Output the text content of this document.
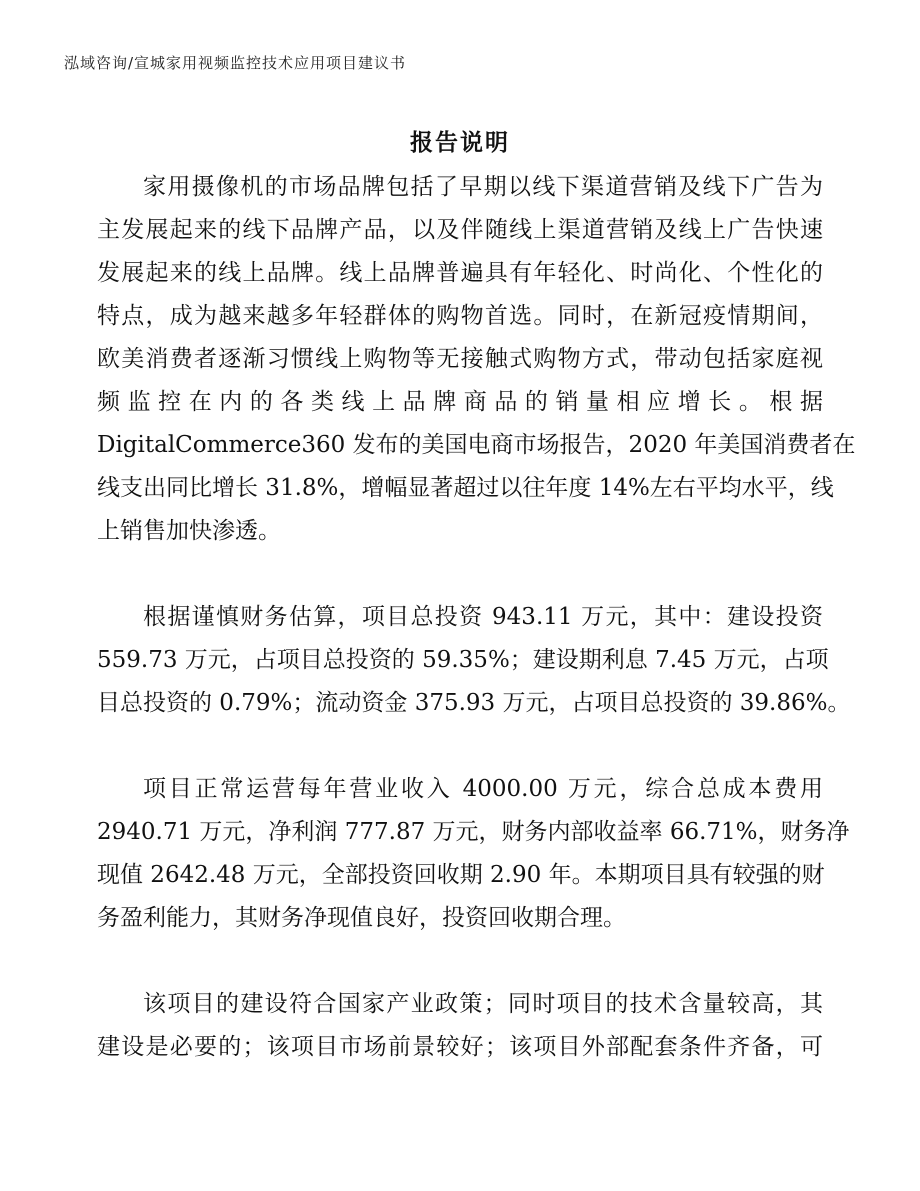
泓域咨询/宣城家用视频监控技术应用项目建议书
报告说明
家用摄像机的市场品牌包括了早期以线下渠道营销及线下广告为
主发展起来的线下品牌产品，以及伴随线上渠道营销及线上广告快速
发展起来的线上品牌。线上品牌普遍具有年轻化、时尚化、个性化的
特点，成为越来越多年轻群体的购物首选。同时，在新冠疫情期间，
欧美消费者逐渐习惯线上购物等无接触式购物方式，带动包括家庭视
频监控在内的各类线上品牌商品的销量相应增长。根据
DigitalCommerce360 发布的美国电商市场报告，2020 年美国消费者在
线支出同比增长 31.8%，增幅显著超过以往年度 14%左右平均水平，线
上销售加快渗透。
根据谨慎财务估算，项目总投资 943.11 万元，其中：建设投资
559.73 万元，占项目总投资的 59.35%；建设期利息 7.45 万元，占项
目总投资的 0.79%；流动资金 375.93 万元，占项目总投资的 39.86%。
项目正常运营每年营业收入 4000.00 万元，综合总成本费用
2940.71 万元，净利润 777.87 万元，财务内部收益率 66.71%，财务净
现值 2642.48 万元，全部投资回收期 2.90 年。本期项目具有较强的财
务盈利能力，其财务净现值良好，投资回收期合理。
该项目的建设符合国家产业政策；同时项目的技术含量较高，其
建设是必要的；该项目市场前景较好；该项目外部配套条件齐备，可
